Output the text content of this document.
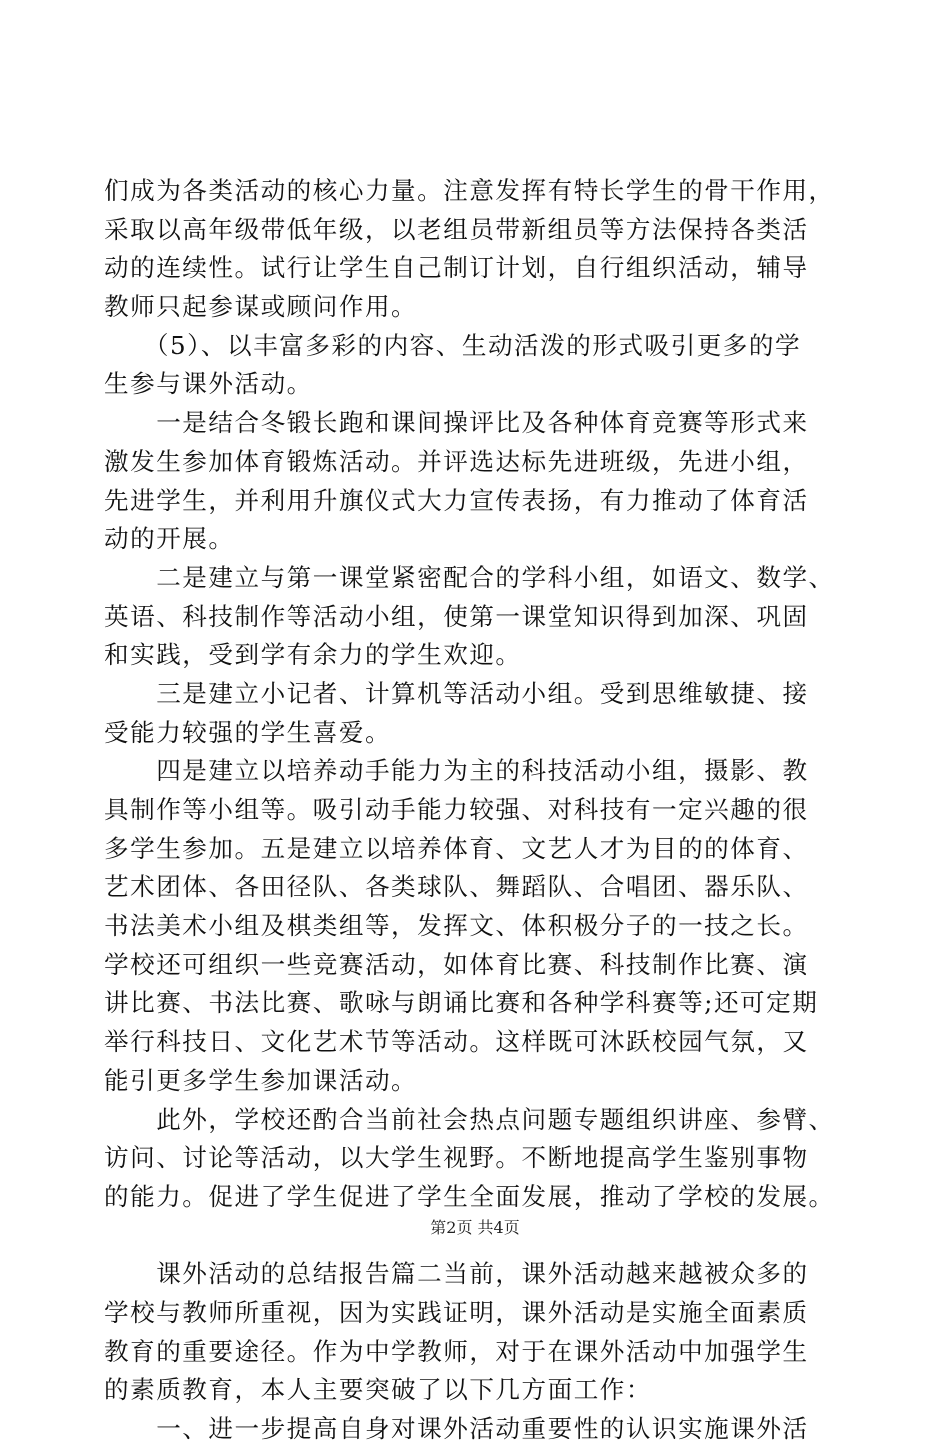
们成为各类活动的核心力量。注意发挥有特长学生的骨干作用，
采取以高年级带低年级，以老组员带新组员等方法保持各类活
动的连续性。试行让学生自己制订计划，自行组织活动，辅导
教师只起参谋或顾问作用。
　　（5）、以丰富多彩的内容、生动活泼的形式吸引更多的学
生参与课外活动。
　　一是结合冬锻长跑和课间操评比及各种体育竞赛等形式来
激发生参加体育锻炼活动。并评选达标先进班级，先进小组，
先进学生，并利用升旗仪式大力宣传表扬，有力推动了体育活
动的开展。
　　二是建立与第一课堂紧密配合的学科小组，如语文、数学、
英语、科技制作等活动小组，使第一课堂知识得到加深、巩固
和实践，受到学有余力的学生欢迎。
　　三是建立小记者、计算机等活动小组。受到思维敏捷、接
受能力较强的学生喜爱。
　　四是建立以培养动手能力为主的科技活动小组，摄影、教
具制作等小组等。吸引动手能力较强、对科技有一定兴趣的很
多学生参加。五是建立以培养体育、文艺人才为目的的体育、
艺术团体、各田径队、各类球队、舞蹈队、合唱团、器乐队、
书法美术小组及棋类组等，发挥文、体积极分子的一技之长。
学校还可组织一些竞赛活动，如体育比赛、科技制作比赛、演
讲比赛、书法比赛、歌咏与朗诵比赛和各种学科赛等;还可定期
举行科技日、文化艺术节等活动。这样既可沐跃校园气氛，又
能引更多学生参加课活动。
　　此外，学校还酌合当前社会热点问题专题组织讲座、参臂、
访问、讨论等活动，以大学生视野。不断地提高学生鉴别事物
的能力。促进了学生促进了学生全面发展，推动了学校的发展。
　　课外活动的总结报告篇二当前，课外活动越来越被众多的
学校与教师所重视，因为实践证明，课外活动是实施全面素质
教育的重要途径。作为中学教师，对于在课外活动中加强学生
的素质教育，本人主要突破了以下几方面工作：
　　一、进一步提高自身对课外活动重要性的认识实施课外活
第2页 共4页
